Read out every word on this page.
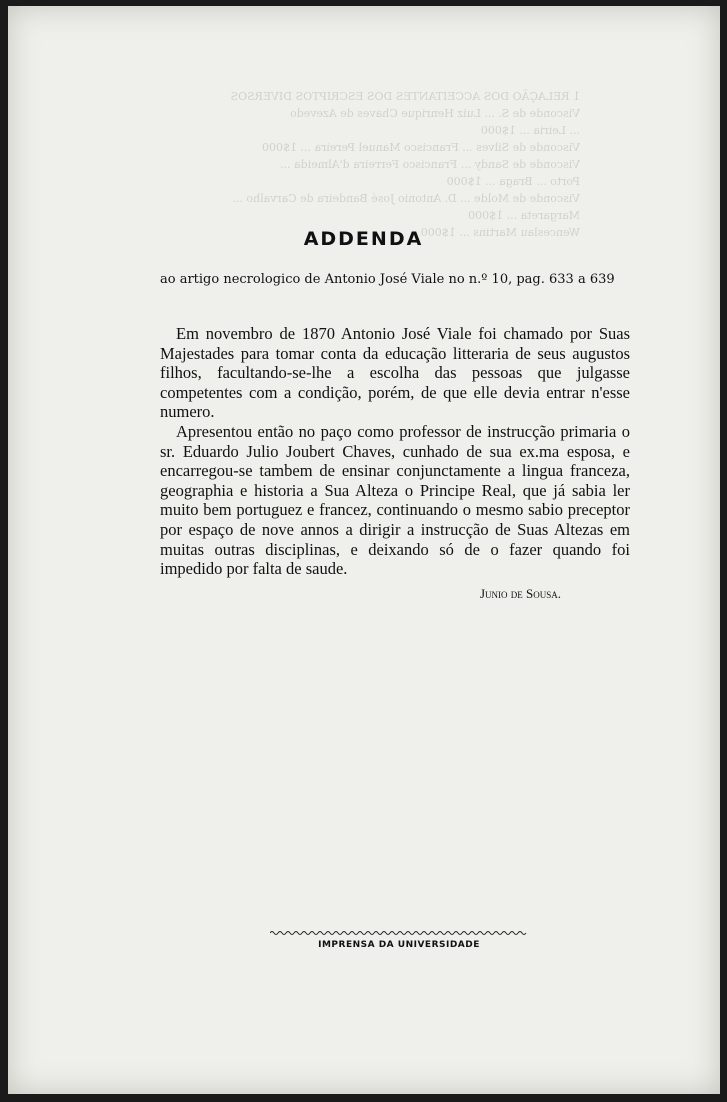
1 RELAÇÃO DOS ACCEITANTES DOS ESCRIPTOS DIVERSOS
Visconde de S. ... Luiz Henrique Chaves de Azevedo
... Leiria ... 1$000
Visconde de Silves ... Francisco Manuel Pereira ... 1$000
Visconde de Sandy ... Francisco Ferreira d'Almeida ...
Porto ... Braga ... 1$000
Visconde de Molde ... D. Antonio José Bandeira de Carvalho ...
Margareta ... 1$000
Wenceslau Martins ... 1$000
ADDENDA
ao artigo necrologico de Antonio José Viale no n.º 10, pag. 633 a 639

Em novembro de 1870 Antonio José Viale foi chamado por Suas Majestades para tomar conta da educação litteraria de seus augustos filhos, facultando-se-lhe a escolha das pessoas que julgasse competentes com a condição, porém, de que elle devia entrar n'esse numero.

Apresentou então no paço como professor de instrucção primaria o sr. Eduardo Julio Joubert Chaves, cunhado de sua ex.ma esposa, e encarregou-se tambem de ensinar conjunctamente a lingua franceza, geographia e historia a Sua Alteza o Principe Real, que já sabia ler muito bem portuguez e francez, continuando o mesmo sabio preceptor por espaço de nove annos a dirigir a instrucção de Suas Altezas em muitas outras disciplinas, e deixando só de o fazer quando foi impedido por falta de saude.

Junio de Sousa.
IMPRENSA DA UNIVERSIDADE
